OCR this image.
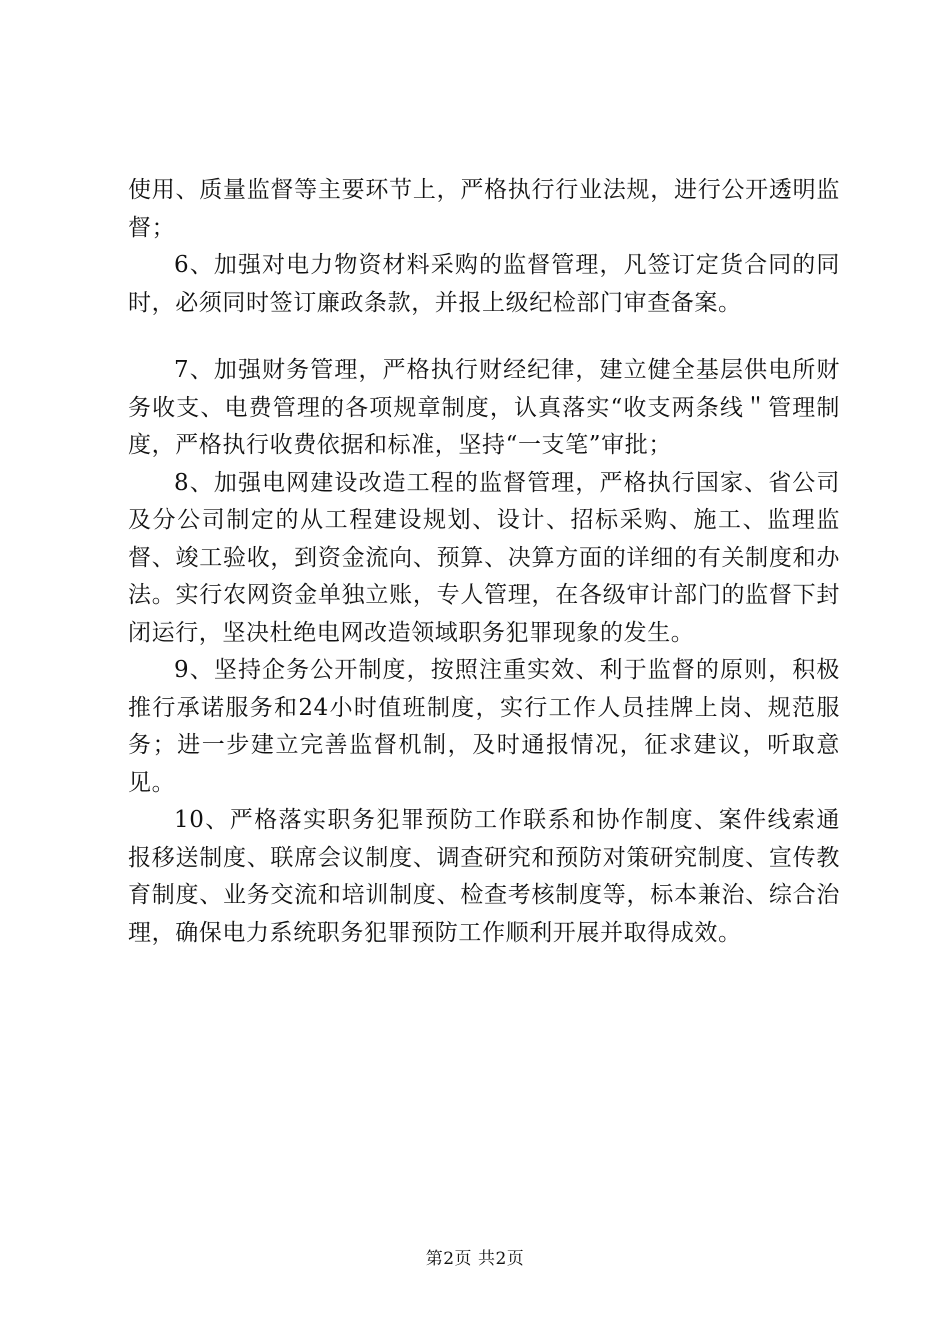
使用、质量监督等主要环节上，严格执行行业法规，进行公开透明监督；

6、加强对电力物资材料采购的监督管理，凡签订定货合同的同时，必须同时签订廉政条款，并报上级纪检部门审查备案。

7、加强财务管理，严格执行财经纪律，建立健全基层供电所财务收支、电费管理的各项规章制度，认真落实“收支两条线＂管理制度，严格执行收费依据和标准，坚持“一支笔”审批；

8、加强电网建设改造工程的监督管理，严格执行国家、省公司及分公司制定的从工程建设规划、设计、招标采购、施工、监理监督、竣工验收，到资金流向、预算、决算方面的详细的有关制度和办法。实行农网资金单独立账，专人管理，在各级审计部门的监督下封闭运行，坚决杜绝电网改造领域职务犯罪现象的发生。

9、坚持企务公开制度，按照注重实效、利于监督的原则，积极推行承诺服务和24小时值班制度，实行工作人员挂牌上岗、规范服务；进一步建立完善监督机制，及时通报情况，征求建议，听取意见。

10、严格落实职务犯罪预防工作联系和协作制度、案件线索通报移送制度、联席会议制度、调查研究和预防对策研究制度、宣传教育制度、业务交流和培训制度、检查考核制度等，标本兼治、综合治理，确保电力系统职务犯罪预防工作顺利开展并取得成效。

第2页 共2页
